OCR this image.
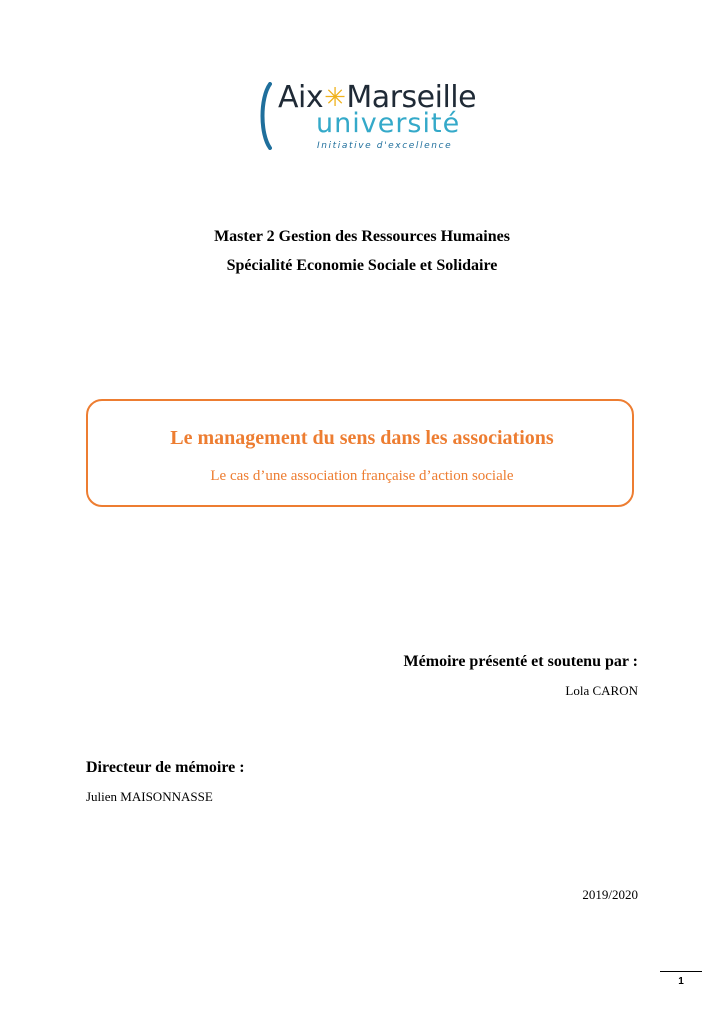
Aix✳Marseille
université
Initiative d'excellence
Master 2 Gestion des Ressources Humaines
Spécialité Economie Sociale et Solidaire
Le management du sens dans les associations
Le cas d’une association française d’action sociale
Mémoire présenté et soutenu par :
Lola CARON
Directeur de mémoire :
Julien MAISONNASSE
2019/2020
1
